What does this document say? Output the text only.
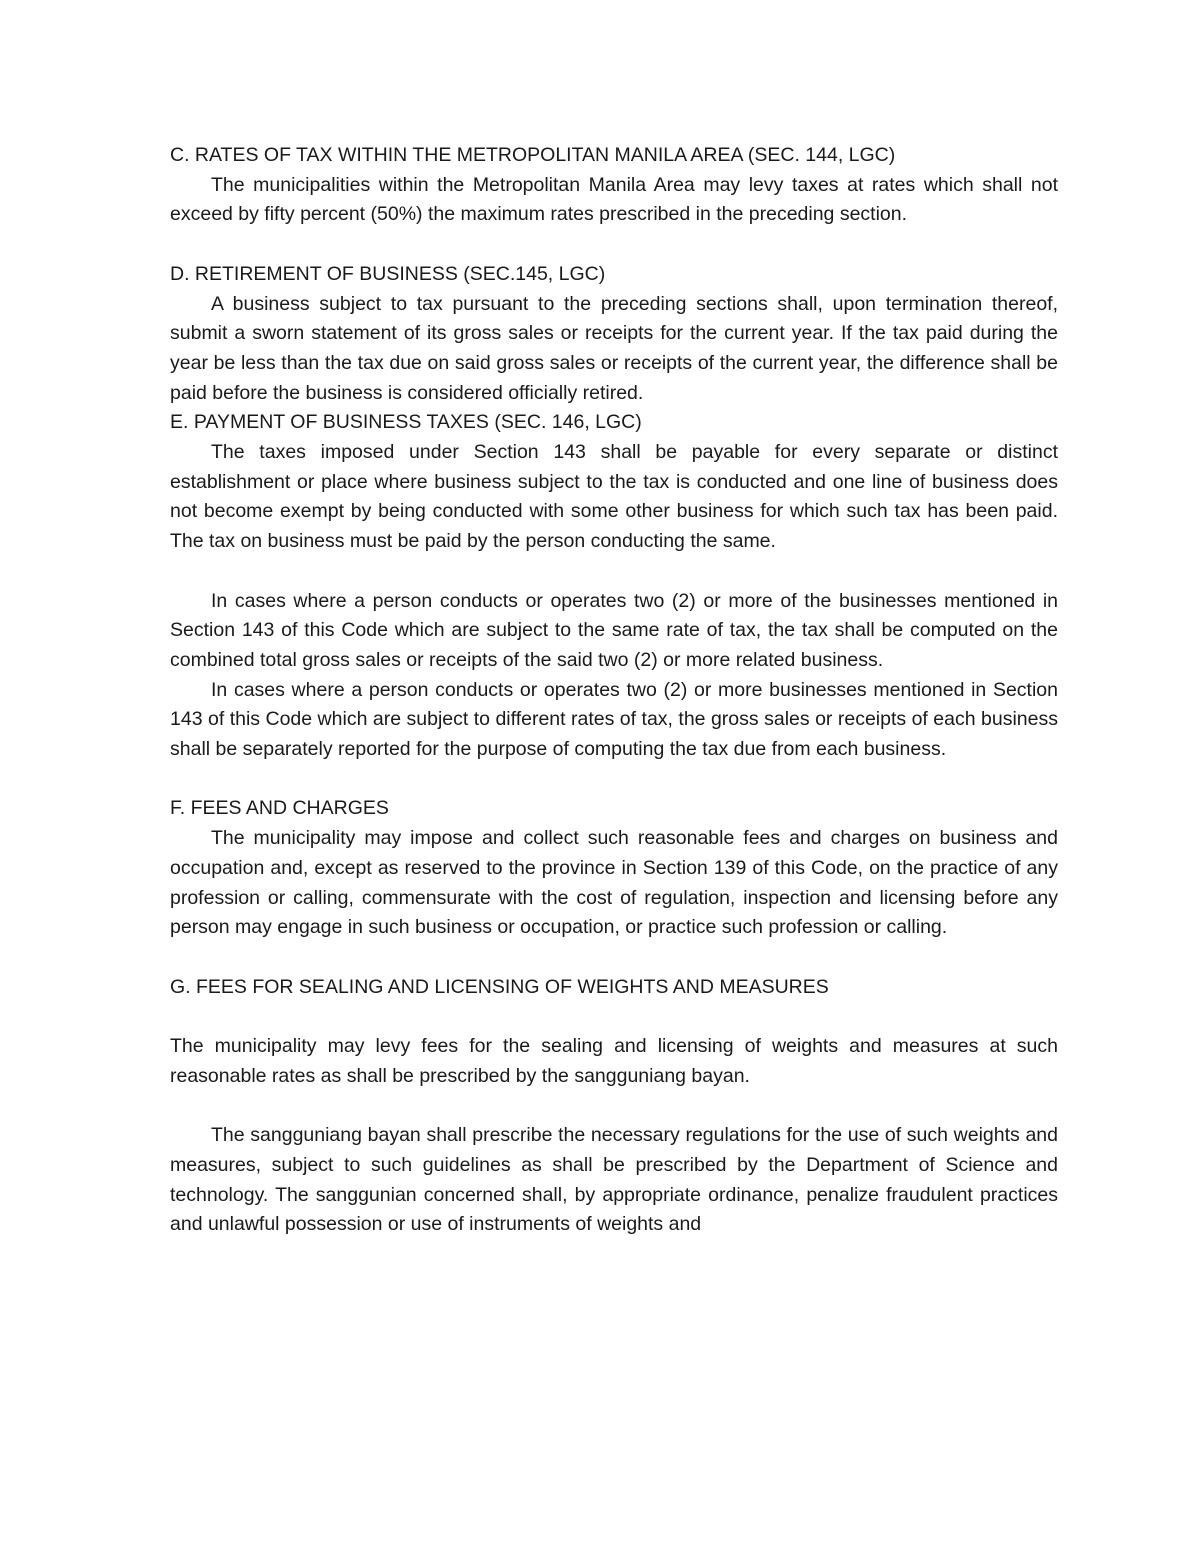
C. RATES OF TAX WITHIN THE METROPOLITAN MANILA AREA (SEC. 144, LGC)

The municipalities within the Metropolitan Manila Area may levy taxes at rates which shall not exceed by fifty percent (50%) the maximum rates prescribed in the preceding section.

D. RETIREMENT OF BUSINESS (SEC.145, LGC)

A business subject to tax pursuant to the preceding sections shall, upon termination thereof, submit a sworn statement of its gross sales or receipts for the current year. If the tax paid during the year be less than the tax due on said gross sales or receipts of the current year, the difference shall be paid before the business is considered officially retired.

E. PAYMENT OF BUSINESS TAXES (SEC. 146, LGC)

The taxes imposed under Section 143 shall be payable for every separate or distinct establishment or place where business subject to the tax is conducted and one line of business does not become exempt by being conducted with some other business for which such tax has been paid. The tax on business must be paid by the person conducting the same.

In cases where a person conducts or operates two (2) or more of the businesses mentioned in Section 143 of this Code which are subject to the same rate of tax, the tax shall be computed on the combined total gross sales or receipts of the said two (2) or more related business.

In cases where a person conducts or operates two (2) or more businesses mentioned in Section 143 of this Code which are subject to different rates of tax, the gross sales or receipts of each business shall be separately reported for the purpose of computing the tax due from each business.

F. FEES AND CHARGES

The municipality may impose and collect such reasonable fees and charges on business and occupation and, except as reserved to the province in Section 139 of this Code, on the practice of any profession or calling, commensurate with the cost of regulation, inspection and licensing before any person may engage in such business or occupation, or practice such profession or calling.

G. FEES FOR SEALING AND LICENSING OF WEIGHTS AND MEASURES

The municipality may levy fees for the sealing and licensing of weights and measures at such reasonable rates as shall be prescribed by the sangguniang bayan.

The sangguniang bayan shall prescribe the necessary regulations for the use of such weights and measures, subject to such guidelines as shall be prescribed by the Department of Science and technology. The sanggunian concerned shall, by appropriate ordinance, penalize fraudulent practices and unlawful possession or use of instruments of weights and
